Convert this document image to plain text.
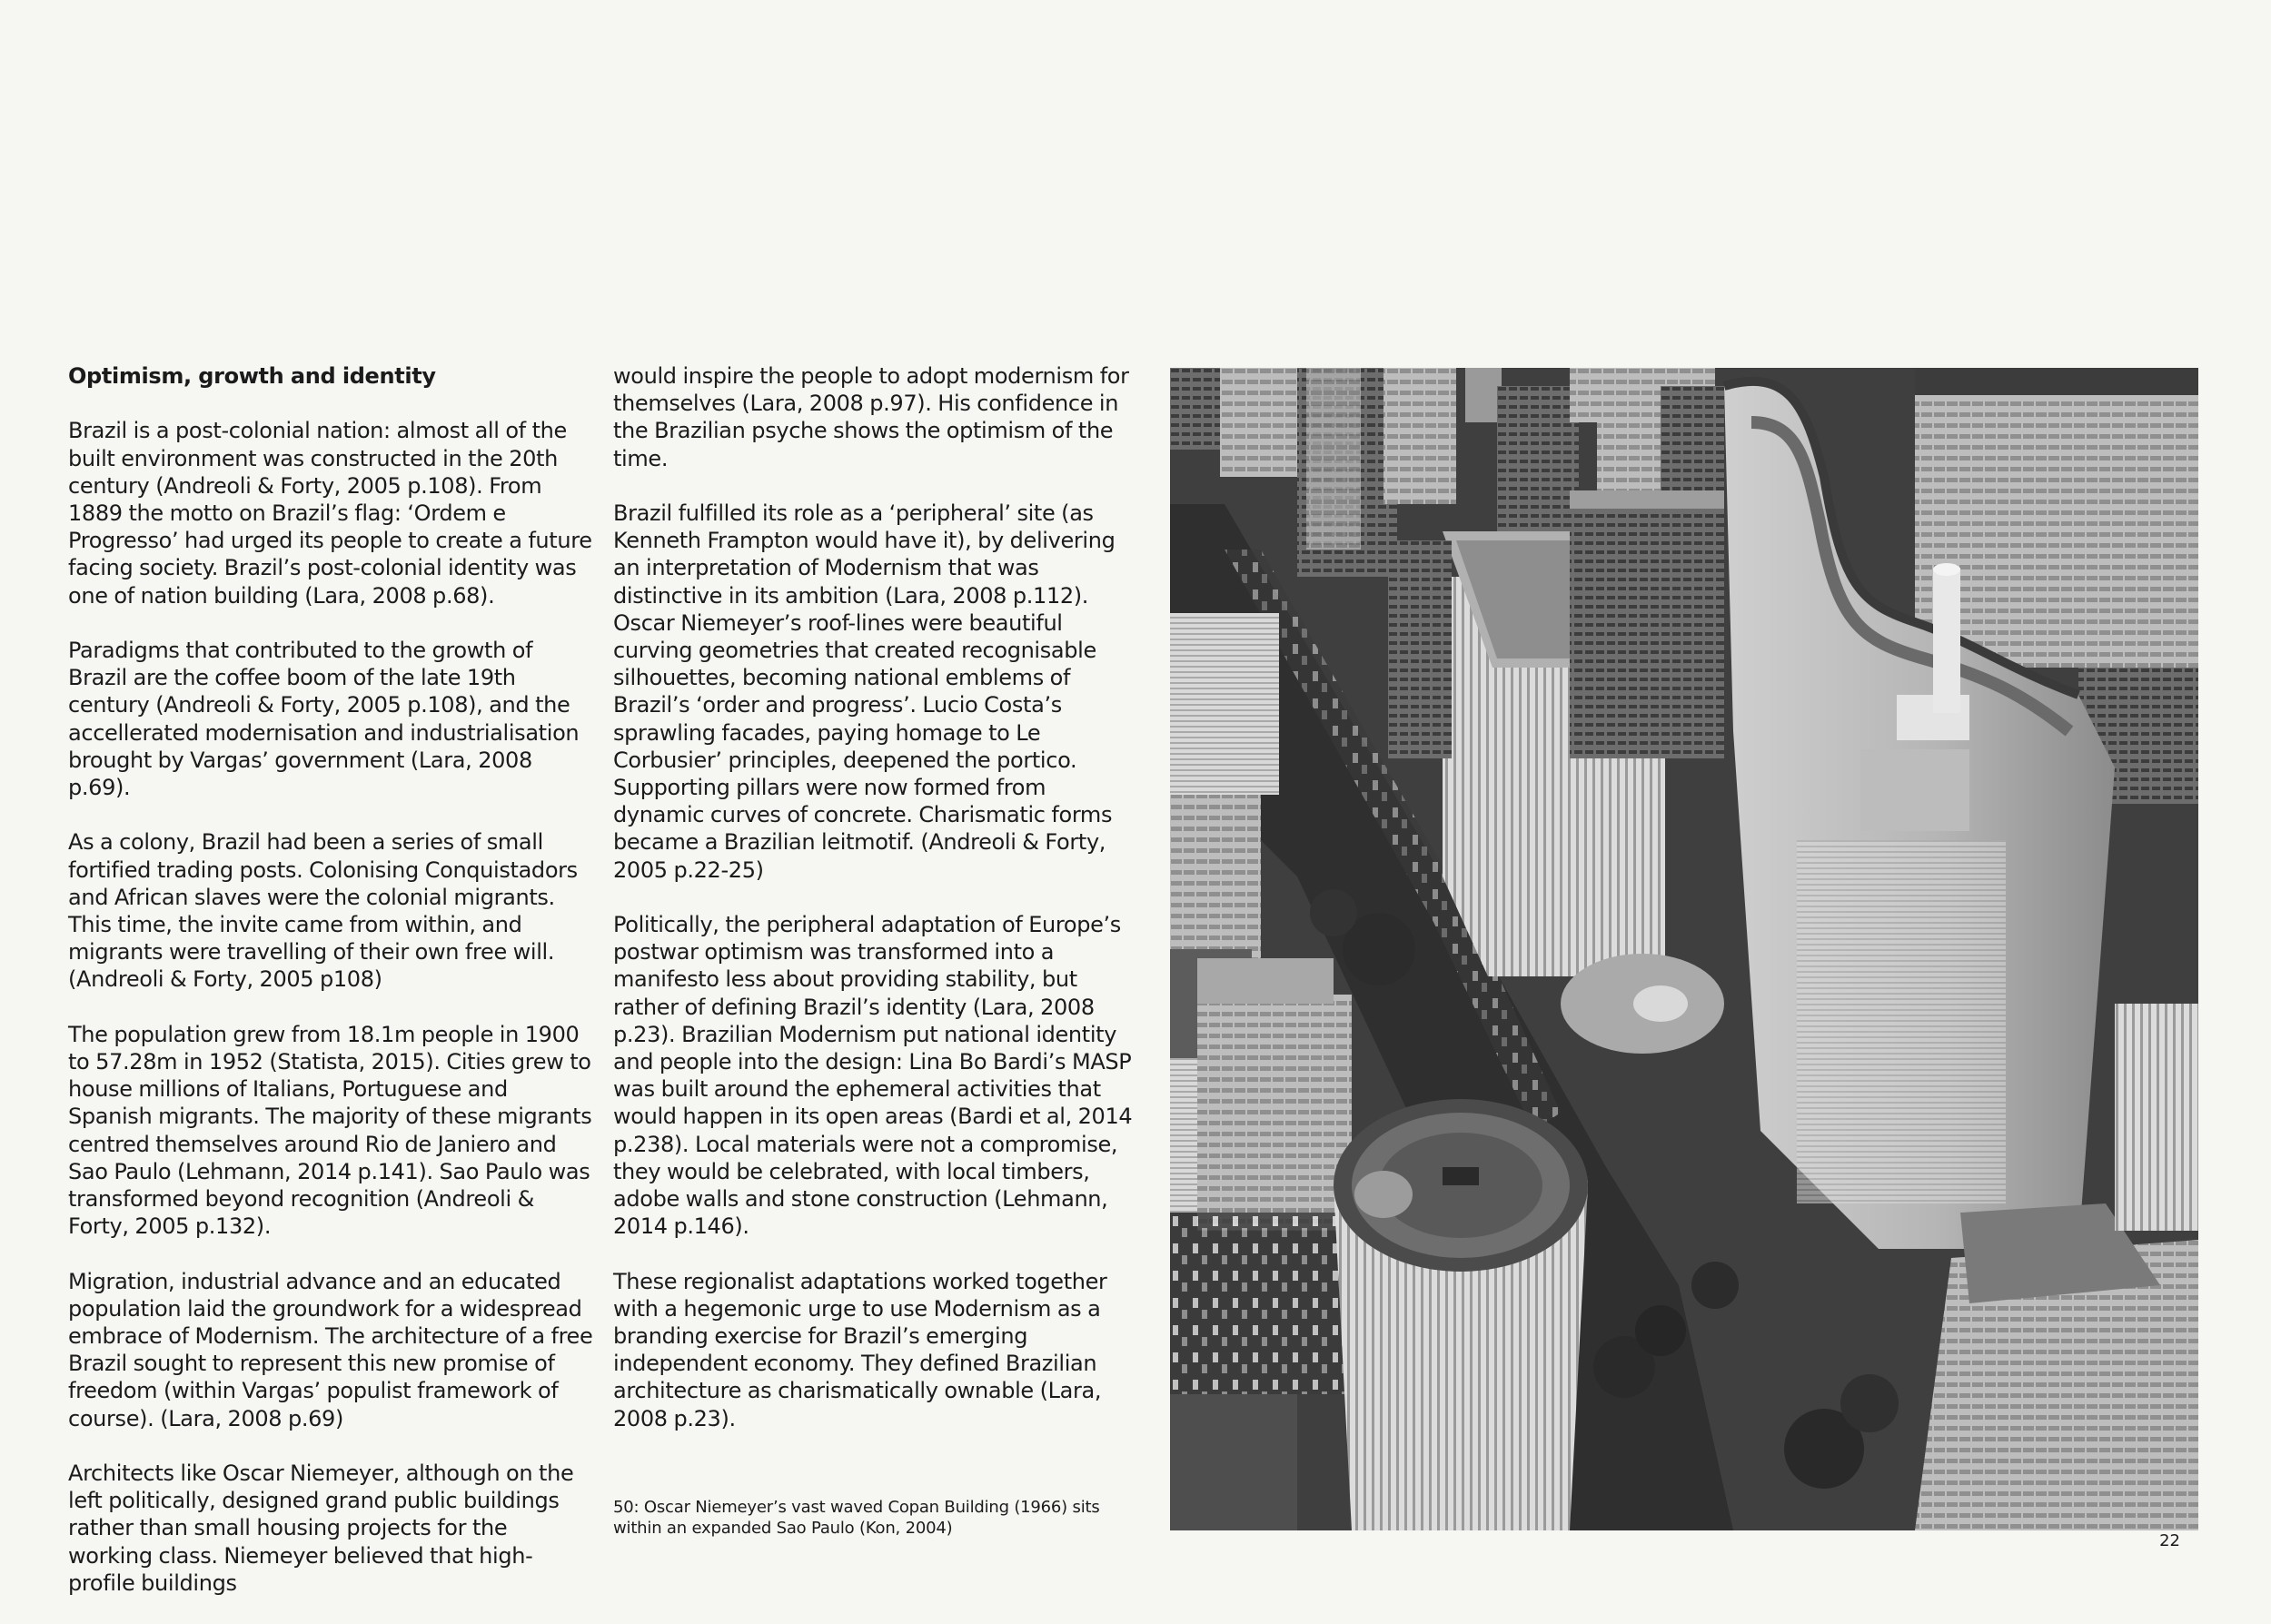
Optimism, growth and identity

Brazil is a post-colonial nation: almost all of the built environment was constructed in the 20th century (Andreoli & Forty, 2005 p.108). From 1889 the motto on Brazil’s flag: ‘Ordem e Progresso’ had urged its people to create a future facing society. Brazil’s post-colonial identity was one of nation building (Lara, 2008 p.68).

Paradigms that contributed to the growth of Brazil are the coffee boom of the late 19th century (Andreoli & Forty, 2005 p.108), and the accellerated modernisation and industrialisation brought by Vargas’ government (Lara, 2008 p.69).

As a colony, Brazil had been a series of small fortified trading posts. Colonising Conquistadors and African slaves were the colonial migrants. This time, the invite came from within, and migrants were travelling of their own free will. (Andreoli & Forty, 2005 p108)

The population grew from 18.1m people in 1900 to 57.28m in 1952 (Statista, 2015). Cities grew to house millions of Italians, Portuguese and Spanish migrants. The majority of these migrants centred themselves around Rio de Janiero and Sao Paulo (Lehmann, 2014 p.141). Sao Paulo was transformed beyond recognition (Andreoli & Forty, 2005 p.132).

Migration, industrial advance and an educated population laid the groundwork for a widespread embrace of Modernism. The architecture of a free Brazil sought to represent this new promise of freedom (within Vargas’ populist framework of course). (Lara, 2008 p.69)

Architects like Oscar Niemeyer, although on the left politically, designed grand public buildings rather than small housing projects for the working class. Niemeyer believed that high-profile buildings

would inspire the people to adopt modernism for themselves (Lara, 2008 p.97). His confidence in the Brazilian psyche shows the optimism of the time.

Brazil fulfilled its role as a ‘peripheral’ site (as Kenneth Frampton would have it), by delivering an interpretation of Modernism that was distinctive in its ambition (Lara, 2008 p.112). Oscar Niemeyer’s roof-lines were beautiful curving geometries that created recognisable silhouettes, becoming national emblems of Brazil’s ‘order and progress’. Lucio Costa’s sprawling facades, paying homage to Le Corbusier’ principles, deepened the portico. Supporting pillars were now formed from dynamic curves of concrete. Charismatic forms became a Brazilian leitmotif. (Andreoli & Forty, 2005 p.22-25)

Politically, the peripheral adaptation of Europe’s postwar optimism was transformed into a manifesto less about providing stability, but rather of defining Brazil’s identity (Lara, 2008 p.23). Brazilian Modernism put national identity and people into the design: Lina Bo Bardi’s MASP was built around the ephemeral activities that would happen in its open areas (Bardi et al, 2014 p.238). Local materials were not a compromise, they would be celebrated, with local timbers, adobe walls and stone construction (Lehmann, 2014 p.146).

These regionalist adaptations worked together with a hegemonic urge to use Modernism as a branding exercise for Brazil’s emerging independent economy. They defined Brazilian architecture as charismatically ownable (Lara, 2008 p.23).

50: Oscar Niemeyer’s vast waved Copan Building (1966) sits within an expanded Sao Paulo (Kon, 2004)
22
